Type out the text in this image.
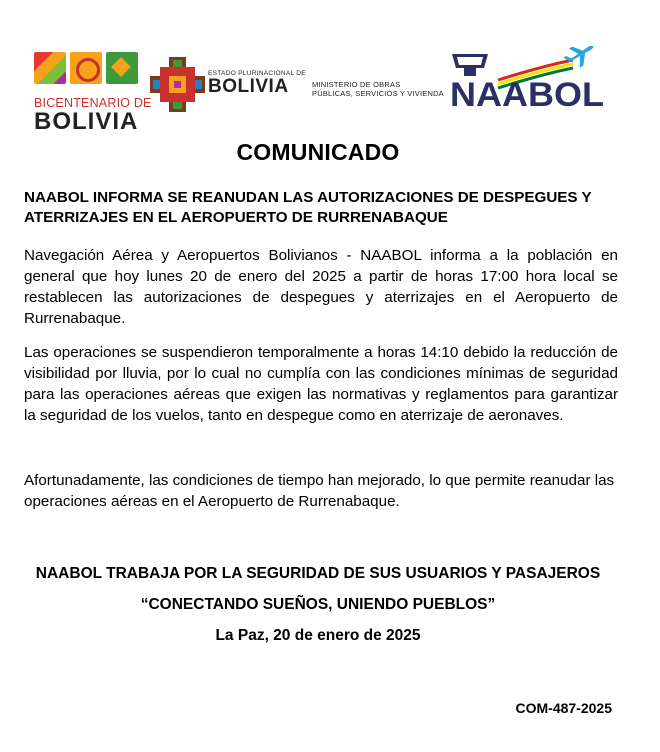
BICENTENARIO DE
BOLIVIA
ESTADO PLURINACIONAL DE
BOLIVIA	MINISTERIO DE OBRAS
PÚBLICAS, SERVICIOS Y VIVIENDA NAABOL
COMUNICADO
NAABOL INFORMA SE REANUDAN LAS AUTORIZACIONES DE DESPEGUES Y ATERRIZAJES EN EL AEROPUERTO DE RURRENABAQUE

Navegación Aérea y Aeropuertos Bolivianos - NAABOL informa a la población en general que hoy lunes 20 de enero del 2025 a partir de horas 17:00 hora local se restablecen las autorizaciones de despegues y aterrizajes en el Aeropuerto de Rurrenabaque.

Las operaciones se suspendieron temporalmente a horas 14:10 debido la reducción de visibilidad por lluvia, por lo cual no cumplía con las condiciones mínimas de seguridad para las operaciones aéreas que exigen las normativas y reglamentos para garantizar la seguridad de los vuelos, tanto en despegue como en aterrizaje de aeronaves.

Afortunadamente, las condiciones de tiempo han mejorado, lo que permite reanudar las operaciones aéreas en el Aeropuerto de Rurrenabaque.

NAABOL TRABAJA POR LA SEGURIDAD DE SUS USUARIOS Y PASAJEROS
“CONECTANDO SUEÑOS, UNIENDO PUEBLOS”
La Paz, 20 de enero de 2025
COM-487-2025
